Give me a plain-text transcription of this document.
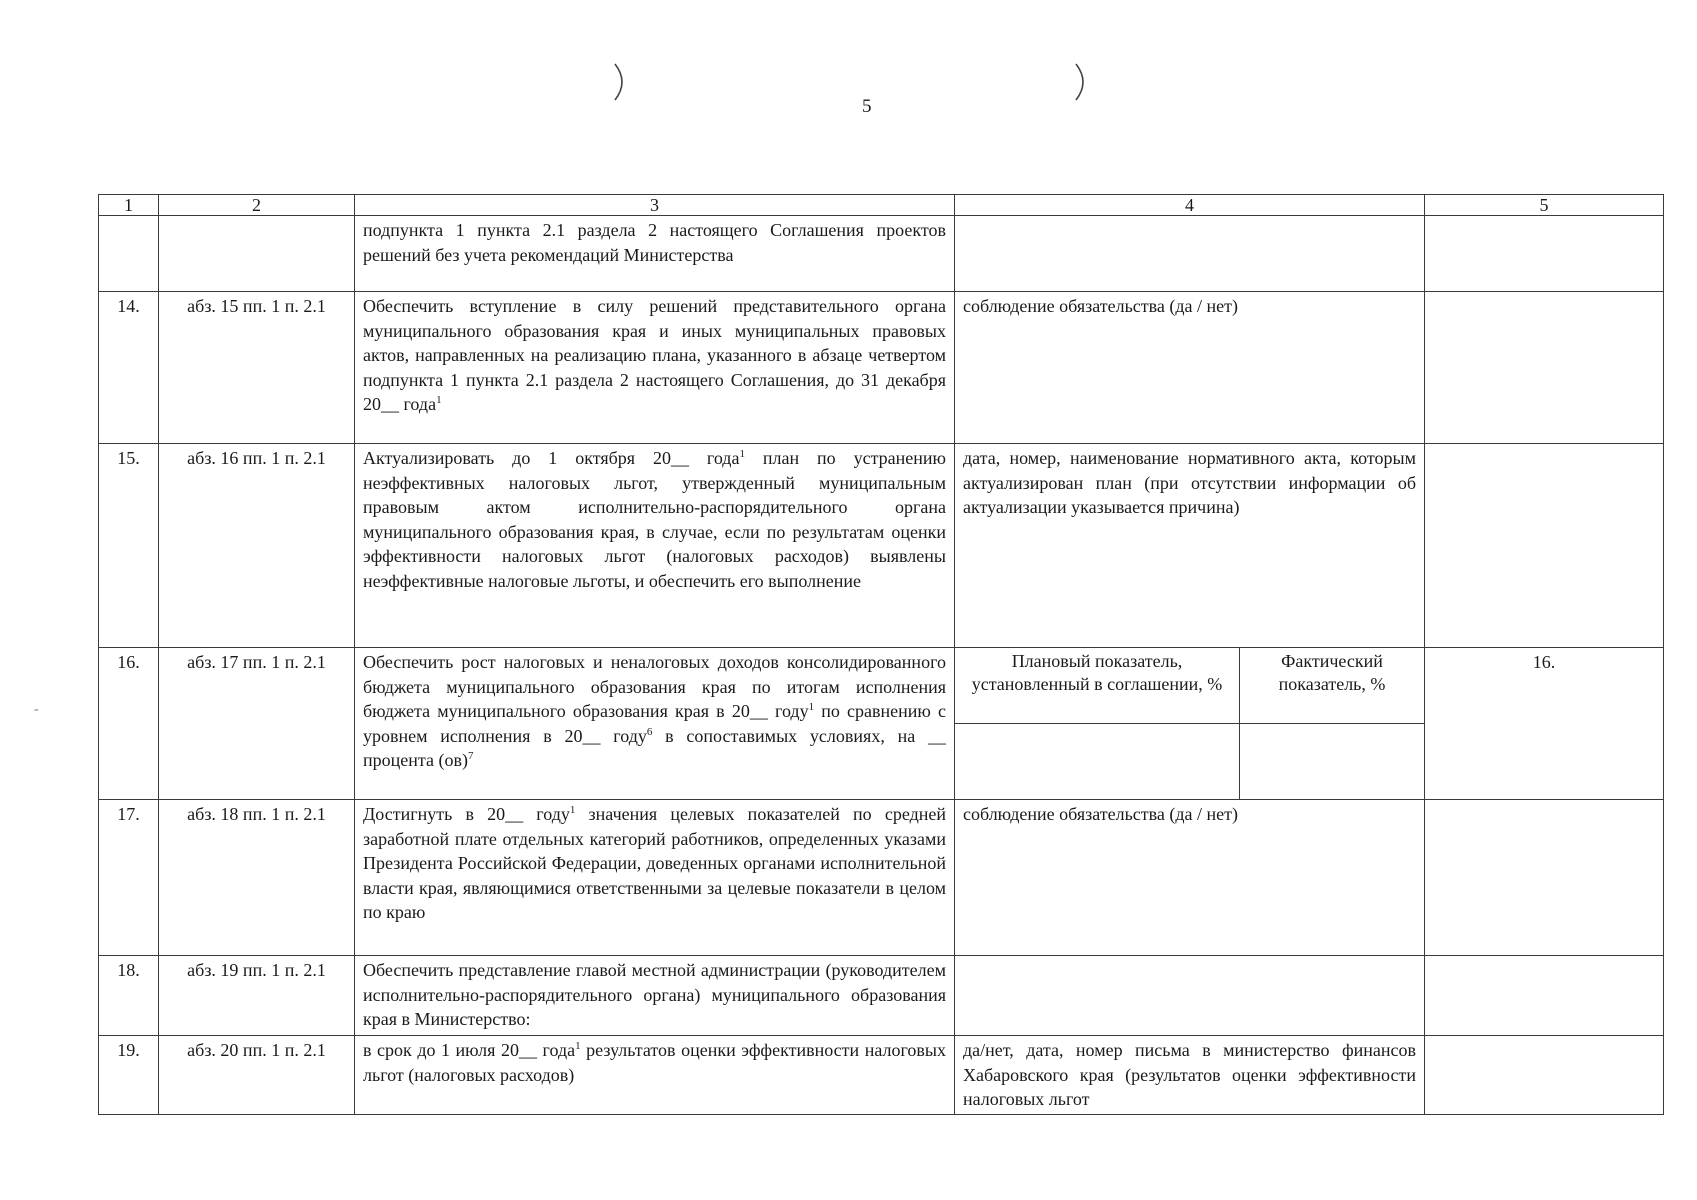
5
-
1	2	3	4		5
		подпункта 1 пункта 2.1 раздела 2 настоящего Соглашения проектов решений без учета рекомендаций Министерства			
14.	абз. 15 пп. 1 п. 2.1	Обеспечить вступление в силу решений представительного органа муниципального образования края и иных муниципальных правовых актов, направленных на реализацию плана, указанного в абзаце четвертом подпункта 1 пункта 2.1 раздела 2 настоящего Соглашения, до 31 декабря 20__ года$^1$	соблюдение обязательства (да / нет)		
15.	абз. 16 пп. 1 п. 2.1	Актуализировать до 1 октября 20__ года$^1$ план по устранению неэффективных налоговых льгот, утвержденный муниципальным правовым актом исполнительно-распорядительного органа муниципального образования края, в случае, если по результатам оценки эффективности налоговых льгот (налоговых расходов) выявлены неэффективные налоговые льготы, и обеспечить его выполнение	дата, номер, наименование нормативного акта, которым актуализирован план (при отсутствии информации об актуализации указывается причина)		
16.	абз. 17 пп. 1 п. 2.1	Обеспечить рост налоговых и неналоговых доходов консолидированного бюджета муниципального образования края по итогам исполнения бюджета муниципального образования края в 20__ году$^1$ по сравнению с уровнем исполнения в 20__ году$^6$ в сопоставимых условиях, на __ процента (ов)$^7$	Плановый показатель, установленный в соглашении, %	Фактический показатель, %	16.

17.	абз. 18 пп. 1 п. 2.1	Достигнуть в 20__ году$^1$ значения целевых показателей по средней заработной плате отдельных категорий работников, определенных указами Президента Российской Федерации, доведенных органами исполнительной власти края, являющимися ответственными за целевые показатели в целом по краю	соблюдение обязательства (да / нет)		
18.	абз. 19 пп. 1 п. 2.1	Обеспечить представление главой местной администрации (руководителем исполнительно-распорядительного органа) муниципального образования края в Министерство:			
19.	абз. 20 пп. 1 п. 2.1	в срок до 1 июля 20__ года$^1$ результатов оценки эффективности налоговых льгот (налоговых расходов)	да/нет, дата, номер письма в министерство финансов Хабаровского края (результатов оценки эффективности налоговых льгот		
